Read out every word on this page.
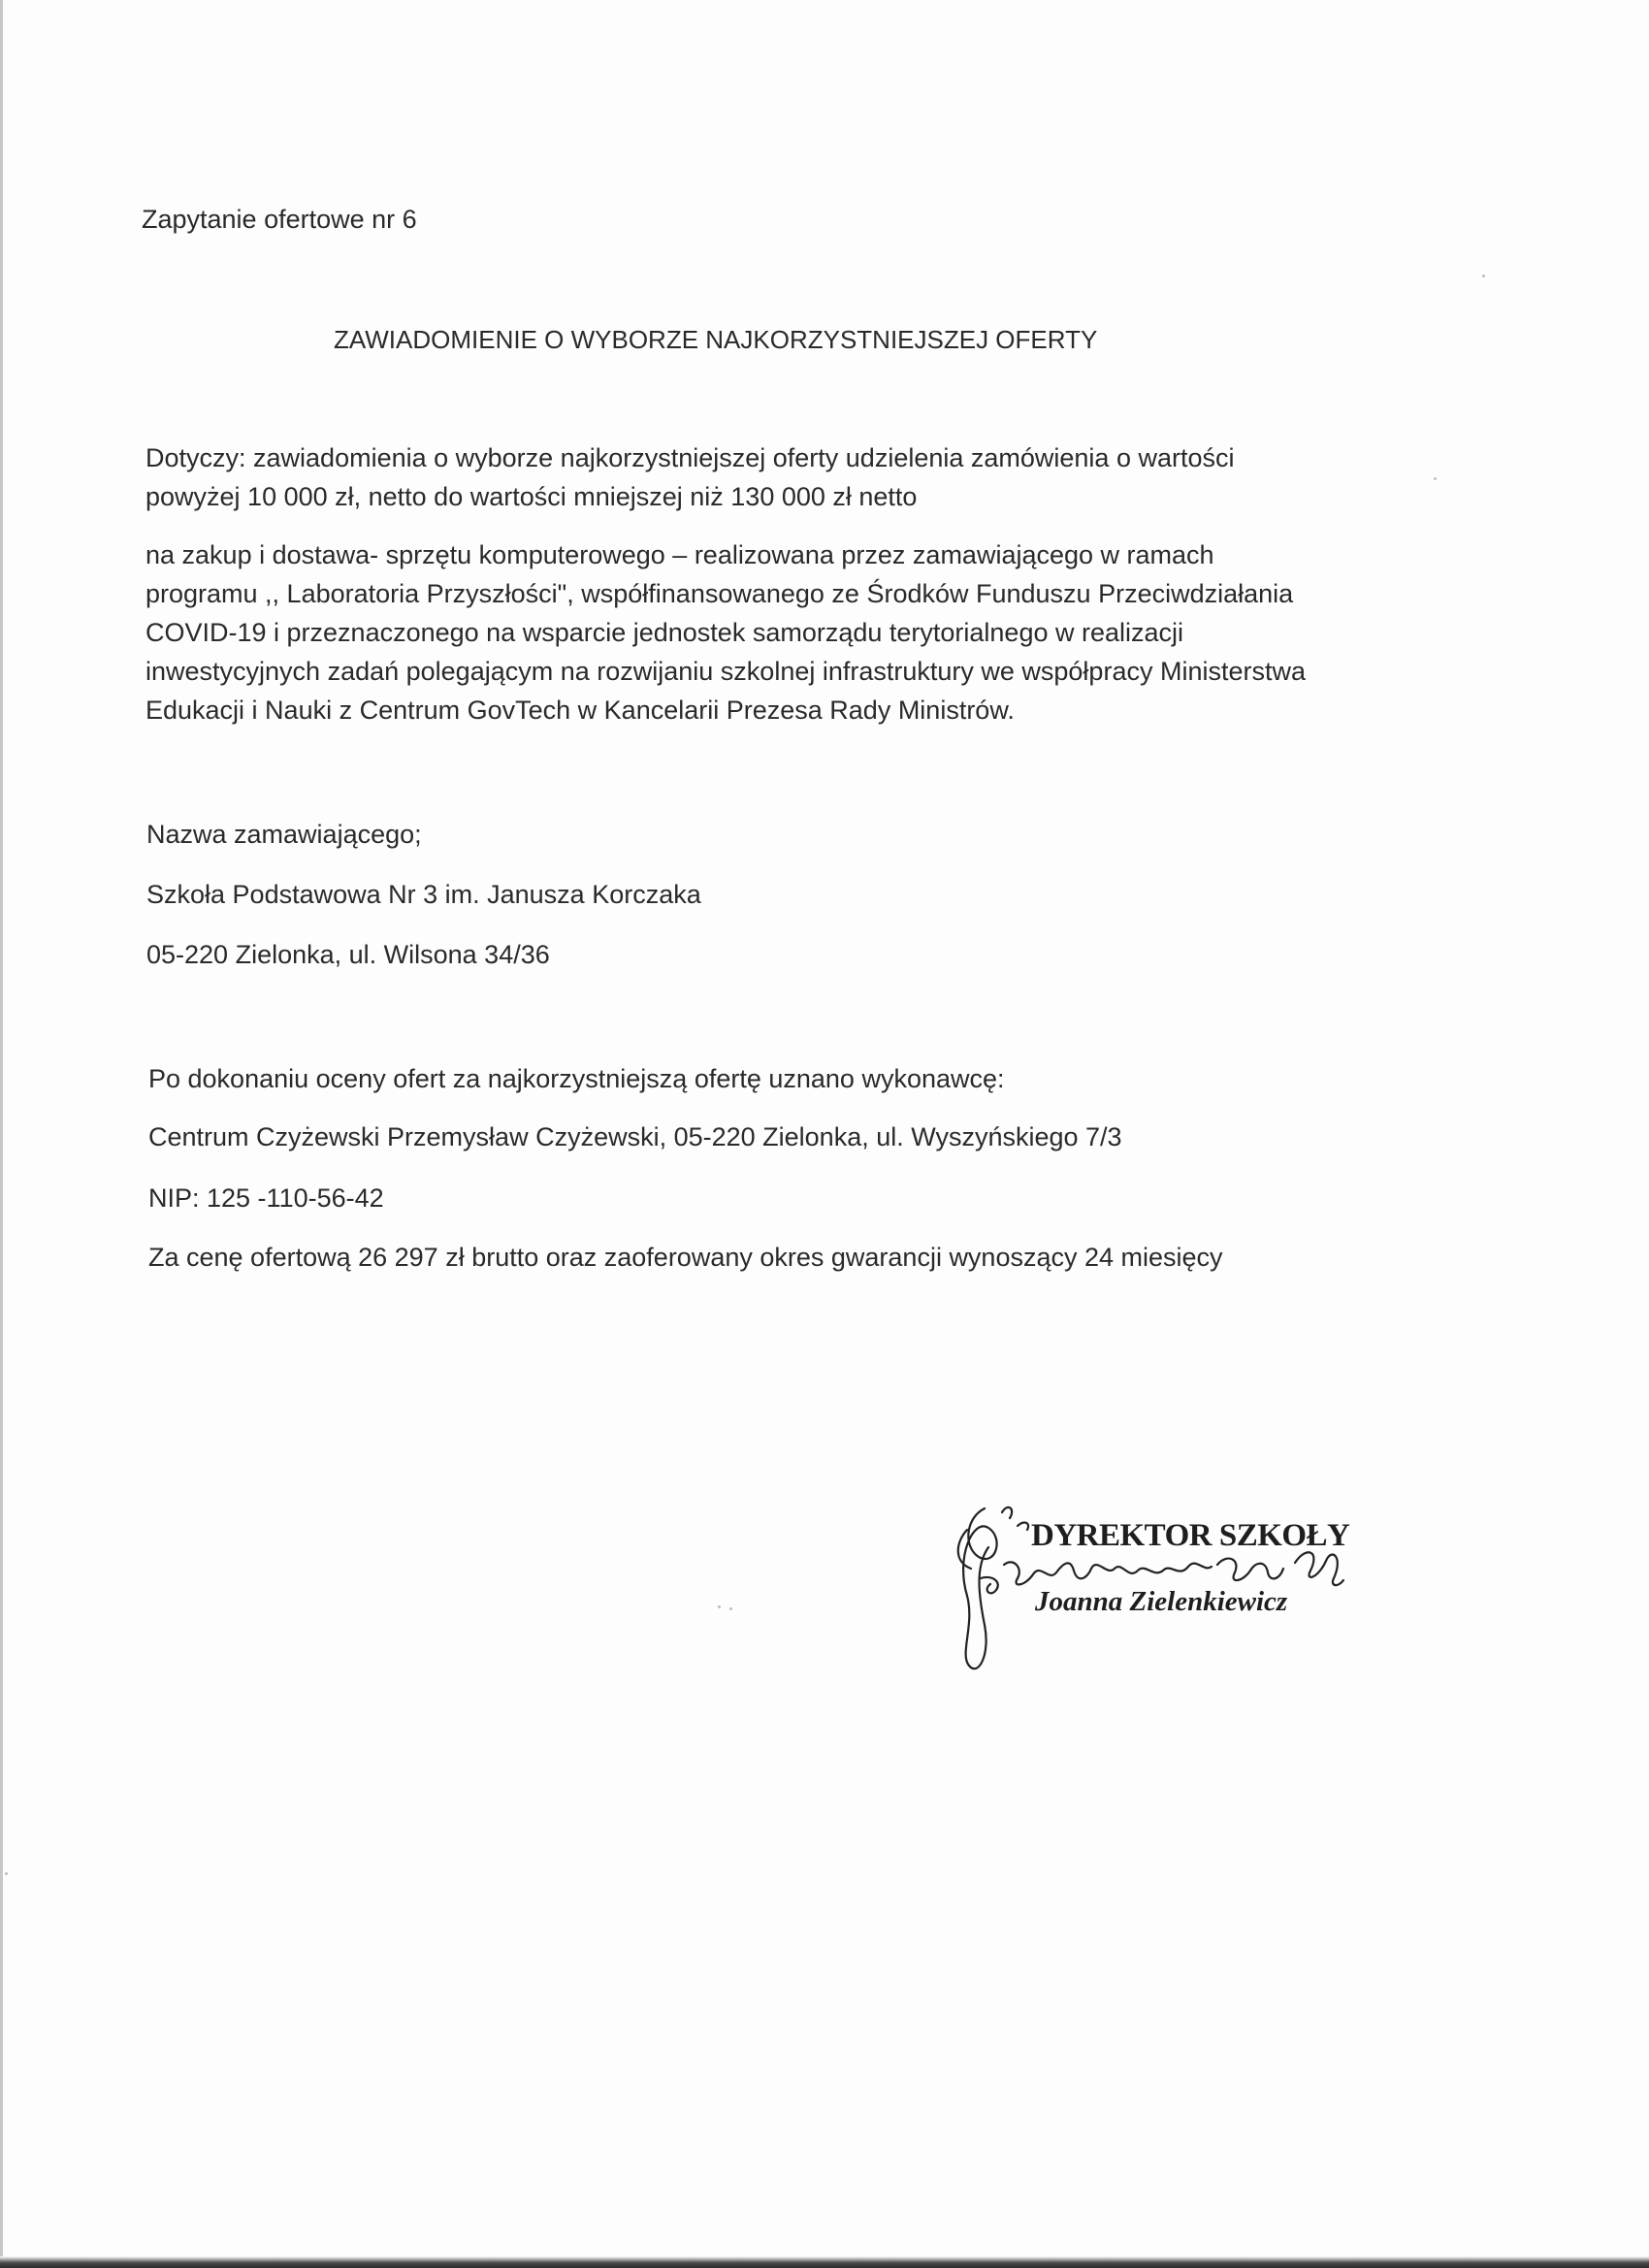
Zapytanie ofertowe nr 6

ZAWIADOMIENIE O WYBORZE NAJKORZYSTNIEJSZEJ OFERTY

Dotyczy: zawiadomienia o wyborze najkorzystniejszej oferty udzielenia zamówienia o wartości
powyżej 10 000 zł, netto do wartości mniejszej niż 130 000 zł netto

na zakup i dostawa- sprzętu komputerowego – realizowana przez zamawiającego w ramach
programu ,, Laboratoria Przyszłości", współfinansowanego ze Środków Funduszu Przeciwdziałania
COVID-19 i przeznaczonego na wsparcie jednostek samorządu terytorialnego w realizacji
inwestycyjnych zadań polegającym na rozwijaniu szkolnej infrastruktury we współpracy Ministerstwa
Edukacji i Nauki z Centrum GovTech w Kancelarii Prezesa Rady Ministrów.

Nazwa zamawiającego;

Szkoła Podstawowa Nr 3 im. Janusza Korczaka

05-220 Zielonka, ul. Wilsona 34/36

Po dokonaniu oceny ofert za najkorzystniejszą ofertę uznano wykonawcę:

Centrum Czyżewski Przemysław Czyżewski, 05-220 Zielonka, ul. Wyszyńskiego 7/3

NIP: 125 -110-56-42

Za cenę ofertową 26 297 zł brutto oraz zaoferowany okres gwarancji wynoszący 24 miesięcy

DYREKTOR SZKOŁY

Joanna Zielenkiewicz
